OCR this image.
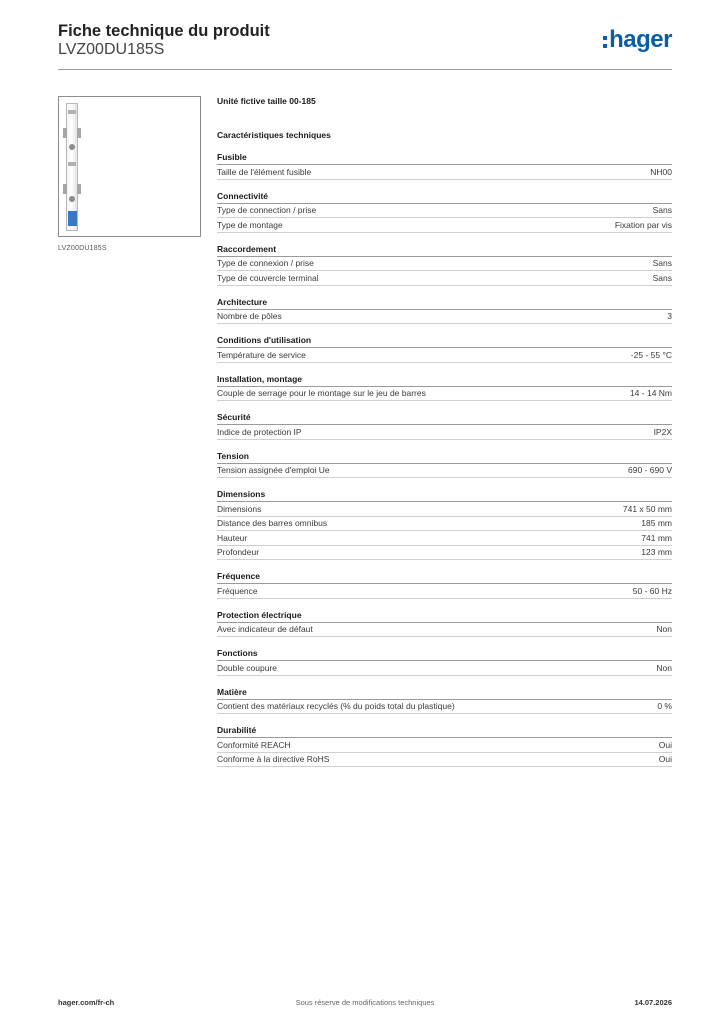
Fiche technique du produit
LVZ00DU185S	hager
LVZ00DU185S
Unité fictive taille 00-185
Caractéristiques techniques
Fusible
Taille de l'élément fusible	NH00
Connectivité
Type de connection / prise	Sans
Type de montage	Fixation par vis
Raccordement
Type de connexion / prise	Sans
Type de couvercle terminal	Sans
Architecture
Nombre de pôles	3
Conditions d'utilisation
Température de service	-25 - 55 °C
Installation, montage
Couple de serrage pour le montage sur le jeu de barres	14 - 14 Nm
Sécurité
Indice de protection IP	IP2X
Tension
Tension assignée d'emploi Ue	690 - 690 V
Dimensions
Dimensions	741 x 50 mm
Distance des barres omnibus	185 mm
Hauteur	741 mm
Profondeur	123 mm
Fréquence
Fréquence	50 - 60 Hz
Protection électrique
Avec indicateur de défaut	Non
Fonctions
Double coupure	Non
Matière
Contient des matériaux recyclés (% du poids total du plastique)	0 %
Durabilité
Conformité REACH	Oui
Conforme à la directive RoHS	Oui
Sous réserve de modifications techniques
hager.com/fr-ch	14.07.2026
